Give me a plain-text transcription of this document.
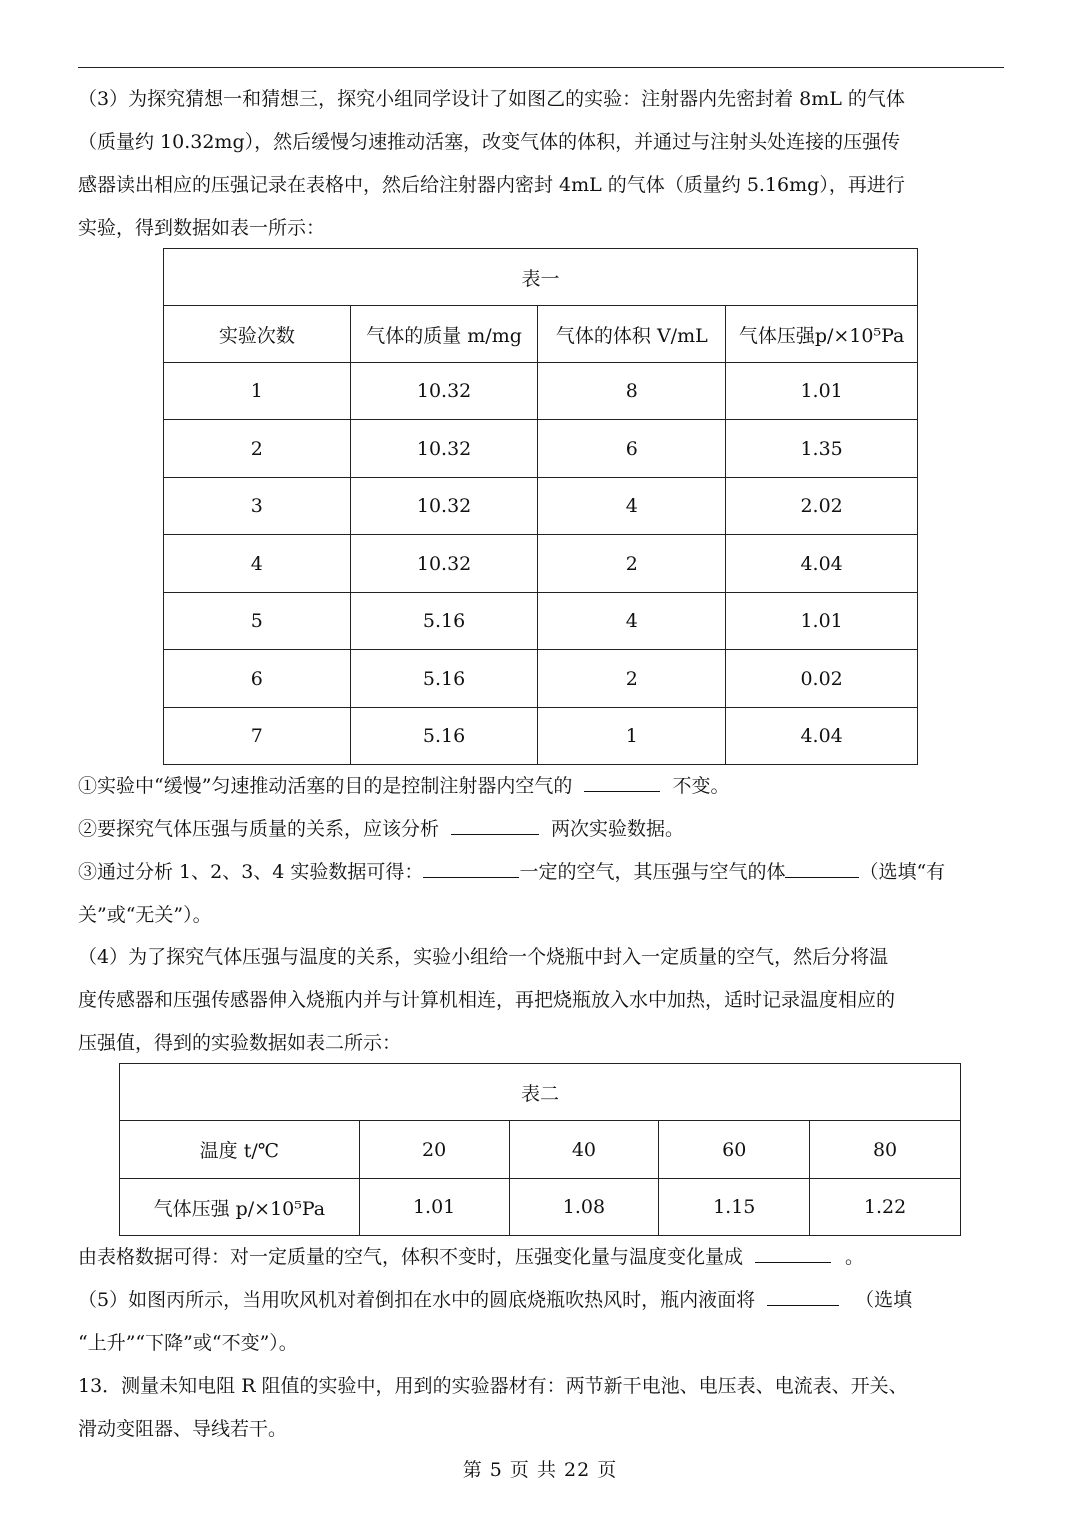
（3）为探究猜想一和猜想三，探究小组同学设计了如图乙的实验：注射器内先密封着 8mL 的气体
（质量约 10.32mg），然后缓慢匀速推动活塞，改变气体的体积，并通过与注射头处连接的压强传
感器读出相应的压强记录在表格中，然后给注射器内密封 4mL 的气体（质量约 5.16mg），再进行
实验，得到数据如表一所示：
表一			
实验次数	气体的质量 m/mg	气体的体积 V/mL	气体压强p/×10⁵Pa
1	10.32	8	1.01
2	10.32	6	1.35
3	10.32	4	2.02
4	10.32	2	4.04
5	5.16	4	1.01
6	5.16	2	0.02
7	5.16	1	4.04
①实验中“缓慢”匀速推动活塞的目的是控制注射器内空气的	不变。
②要探究气体压强与质量的关系，应该分析	两次实验数据。
③通过分析 1、2、3、4 实验数据可得：	一定的空气，其压强与空气的体	（选填“有
关”或“无关”）。
（4）为了探究气体压强与温度的关系，实验小组给一个烧瓶中封入一定质量的空气，然后分将温
度传感器和压强传感器伸入烧瓶内并与计算机相连，再把烧瓶放入水中加热，适时记录温度相应的
压强值，得到的实验数据如表二所示：
表二				
温度 t/℃	20	40	60	80
气体压强 p/×10⁵Pa	1.01	1.08	1.15	1.22
由表格数据可得：对一定质量的空气，体积不变时，压强变化量与温度变化量成	。
（5）如图丙所示，当用吹风机对着倒扣在水中的圆底烧瓶吹热风时，瓶内液面将	（选填
“上升”“下降”或“不变”）。
13．测量未知电阻 R 阻值的实验中，用到的实验器材有：两节新干电池、电压表、电流表、开关、
滑动变阻器、导线若干。
第 5 页 共 22 页
